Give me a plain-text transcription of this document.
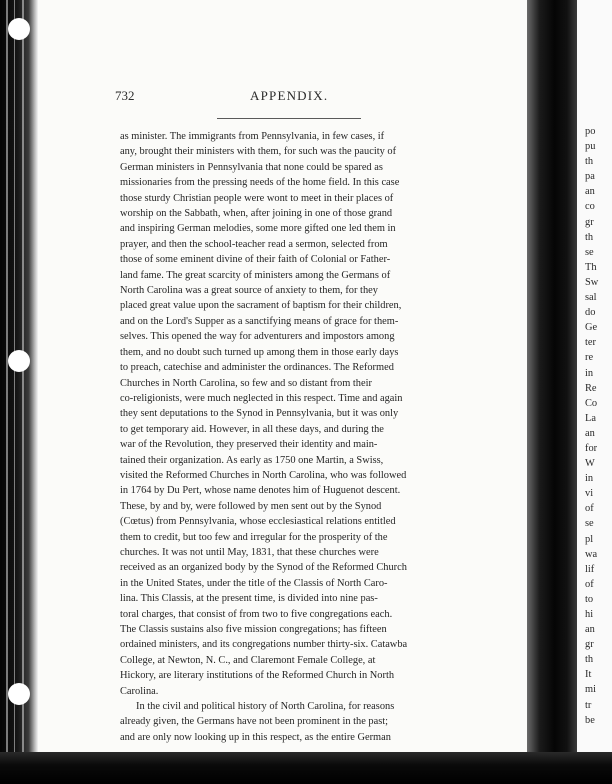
732	APPENDIX.
as minister. The immigrants from Pennsylvania, in few cases, if
any, brought their ministers with them, for such was the paucity of
German ministers in Pennsylvania that none could be spared as
missionaries from the pressing needs of the home field. In this case
those sturdy Christian people were wont to meet in their places of
worship on the Sabbath, when, after joining in one of those grand
and inspiring German melodies, some more gifted one led them in
prayer, and then the school-teacher read a sermon, selected from
those of some eminent divine of their faith of Colonial or Father-
land fame. The great scarcity of ministers among the Germans of
North Carolina was a great source of anxiety to them, for they
placed great value upon the sacrament of baptism for their children,
and on the Lord's Supper as a sanctifying means of grace for them-
selves. This opened the way for adventurers and impostors among
them, and no doubt such turned up among them in those early days
to preach, catechise and administer the ordinances. The Reformed
Churches in North Carolina, so few and so distant from their
co-religionists, were much neglected in this respect. Time and again
they sent deputations to the Synod in Pennsylvania, but it was only
to get temporary aid. However, in all these days, and during the
war of the Revolution, they preserved their identity and main-
tained their organization. As early as 1750 one Martin, a Swiss,
visited the Reformed Churches in North Carolina, who was followed
in 1764 by Du Pert, whose name denotes him of Huguenot descent.
These, by and by, were followed by men sent out by the Synod
(Cœtus) from Pennsylvania, whose ecclesiastical relations entitled
them to credit, but too few and irregular for the prosperity of the
churches. It was not until May, 1831, that these churches were
received as an organized body by the Synod of the Reformed Church
in the United States, under the title of the Classis of North Caro-
lina. This Classis, at the present time, is divided into nine pas-
toral charges, that consist of from two to five congregations each.
The Classis sustains also five mission congregations; has fifteen
ordained ministers, and its congregations number thirty-six. Catawba
College, at Newton, N. C., and Claremont Female College, at
Hickory, are literary institutions of the Reformed Church in North
Carolina.
In the civil and political history of North Carolina, for reasons
already given, the Germans have not been prominent in the past;
and are only now looking up in this respect, as the entire German
po
pu
th
pa
an
co
gr
th
se
Th
Sw
sal
do
Ge
ter
re
in
Re
Co
La
an
for
W
in
vi
of
se
pl
wa
lif
of
to
hi
an
gr
th
It
mi
tr
be
